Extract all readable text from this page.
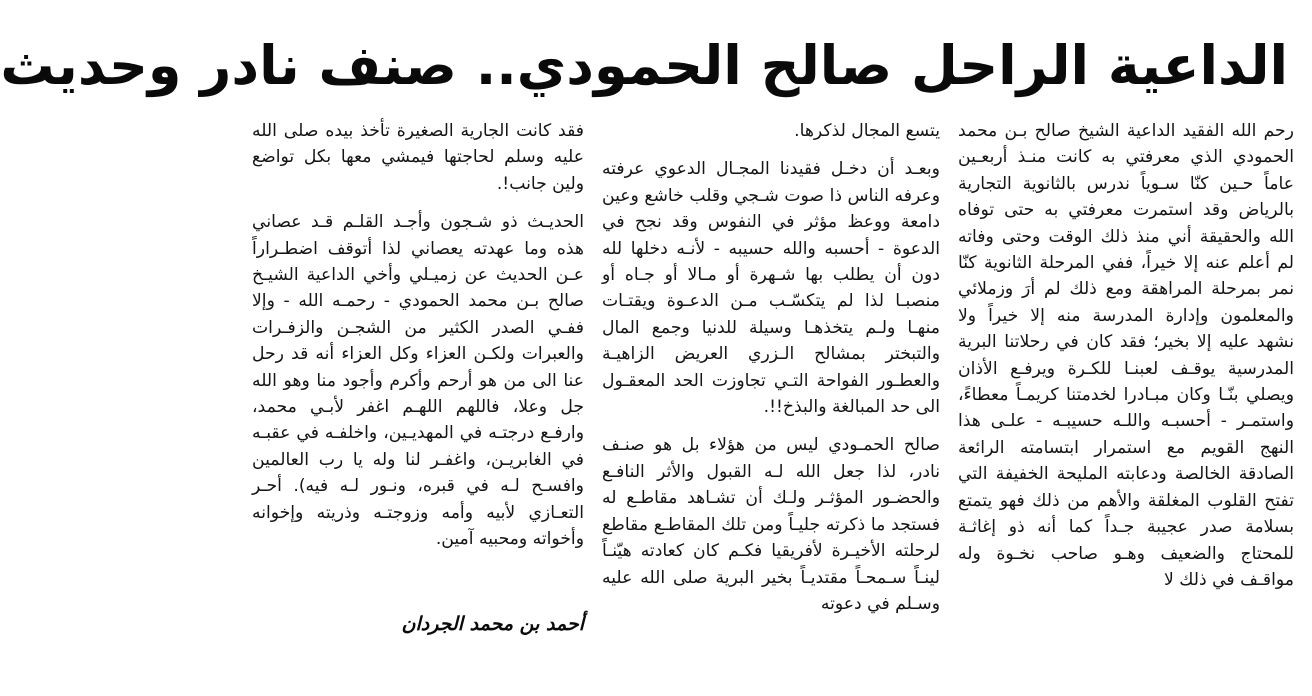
الداعية الراحل صالح الحمودي.. صنف نادر وحديث

رحم الله الفقيد الداعية الشيخ صالح بـن محمد الحمودي الذي معرفتي به كانت منـذ أربعـين عاماً حـين كنّا سـوياً ندرس بالثانوية التجارية بالرياض وقد استمرت معرفتي به حتى توفاه الله والحقيقة أني منذ ذلك الوقت وحتى وفاته لم أعلم عنه إلا خيراً، ففي المرحلة الثانوية كنّا نمر بمرحلة المراهقة ومع ذلك لم أرَ وزملائي والمعلمون وإدارة المدرسة منه إلا خيراً ولا نشهد عليه إلا بخير؛ فقد كان في رحلاتنا البرية المدرسية يوقـف لعبنـا للكـرة ويرفـع الأذان ويصلي بنّـا وكان مبـادرا لخدمتنا كريمـاً معطاءً، واستمـر - أحسبـه واللـه حسيبـه - علـى هذا النهج القويم مع استمرار ابتسامته الرائعة الصادقة الخالصة ودعابته المليحة الخفيفة التي تفتح القلوب المغلقة والأهم من ذلك فهو يتمتع بسلامة صدر عجيبة جـداً كما أنه ذو إغاثـة للمحتاج والضعيف وهـو صاحب نخـوة وله مواقـف في ذلك لا

يتسع المجال لذكرها.

وبعـد أن دخـل فقيدنا المجـال الدعوي عرفته وعرفه الناس ذا صوت شـجي وقلب خاشع وعين دامعة ووعظ مؤثر في النفوس وقد نجح في الدعوة - أحسبه والله حسيبه - لأنـه دخلها لله دون أن يطلب بها شـهرة أو مـالا أو جـاه أو منصبـا لذا لم يتكسّـب مـن الدعـوة ويقتـات منهـا ولـم يتخذهـا وسيلة للدنيا وجمع المال والتبختر بمشالح الـزري العريض الزاهيـة والعطـور الفواحة التـي تجاوزت الحد المعقـول الى حد المبالغة والبذخ!!.

صالح الحمـودي ليس من هؤلاء بل هو صنـف نادر، لذا جعل الله لـه القبول والأثر النافـع والحضـور المؤثـر ولـك أن تشـاهد مقاطـع له فستجد ما ذكرته جليـاً ومن تلك المقاطـع مقاطع لرحلته الأخيـرة لأفريقيا فكـم كان كعادته هيّنـاً لينـاً سـمحـاً مقتديـاً بخير البرية صلى الله عليه وسـلم في دعوته

فقد كانت الجارية الصغيرة تأخذ بيده صلى الله عليه وسلم لحاجتها فيمشي معها بكل تواضع ولين جانب!.

الحديـث ذو شـجون وأجـد القلـم قـد عصاني هذه وما عهدته يعصاني لذا أتوقف اضطـراراً عـن الحديث عن زميـلي وأخي الداعية الشيـخ صالح بـن محمد الحمودي - رحمـه الله - وإلا ففـي الصدر الكثير من الشجـن والزفـرات والعبرات ولكـن العزاء وكل العزاء أنه قد رحل عنا الى من هو أرحم وأكرم وأجود منا وهو الله جل وعلا، فاللهم اللهـم اغفر لأبـي محمد، وارفـع درجتـه في المهديـين، واخلفـه في عقبـه في الغابريـن، واغفـر لنا وله يا رب العالمين وافسـح لـه في قبره، ونـور لـه فيه). أحـر التعـازي لأبيه وأمه وزوجتـه وذريته وإخوانه وأخواته ومحبيه آمين.

أحمد بن محمد الجردان
